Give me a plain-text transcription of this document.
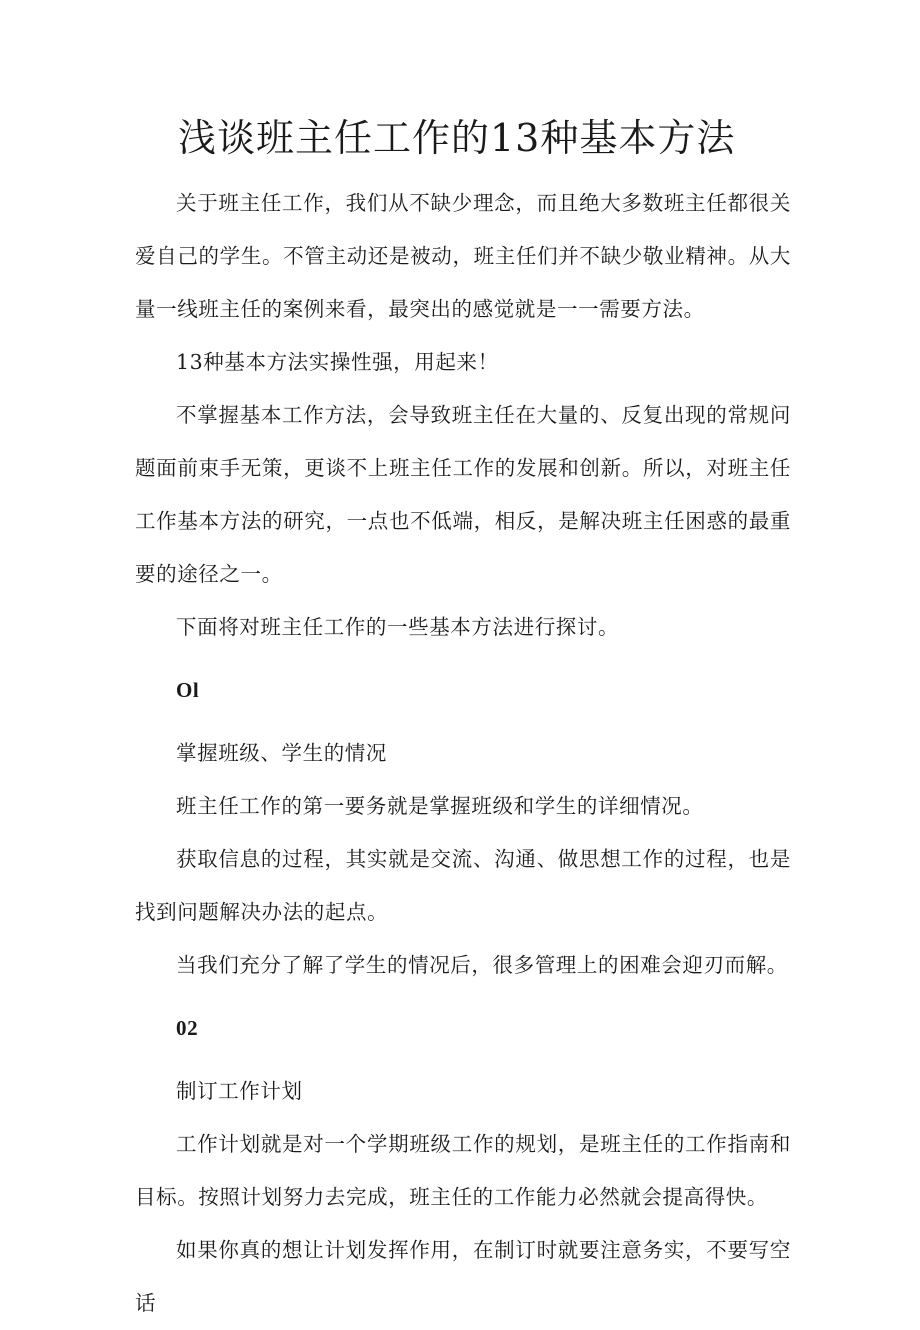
浅谈班主任工作的13种基本方法

关于班主任工作，我们从不缺少理念，而且绝大多数班主任都很关爱自己的学生。不管主动还是被动，班主任们并不缺少敬业精神。从大量一线班主任的案例来看，最突出的感觉就是一一需要方法。

13种基本方法实操性强，用起来！

不掌握基本工作方法，会导致班主任在大量的、反复出现的常规问题面前束手无策，更谈不上班主任工作的发展和创新。所以，对班主任工作基本方法的研究，一点也不低端，相反，是解决班主任困惑的最重要的途径之一。

下面将对班主任工作的一些基本方法进行探讨。

Ol

掌握班级、学生的情况

班主任工作的第一要务就是掌握班级和学生的详细情况。

获取信息的过程，其实就是交流、沟通、做思想工作的过程，也是找到问题解决办法的起点。

当我们充分了解了学生的情况后，很多管理上的困难会迎刃而解。

02

制订工作计划

工作计划就是对一个学期班级工作的规划，是班主任的工作指南和目标。按照计划努力去完成，班主任的工作能力必然就会提高得快。

如果你真的想让计划发挥作用，在制订时就要注意务实，不要写空话
